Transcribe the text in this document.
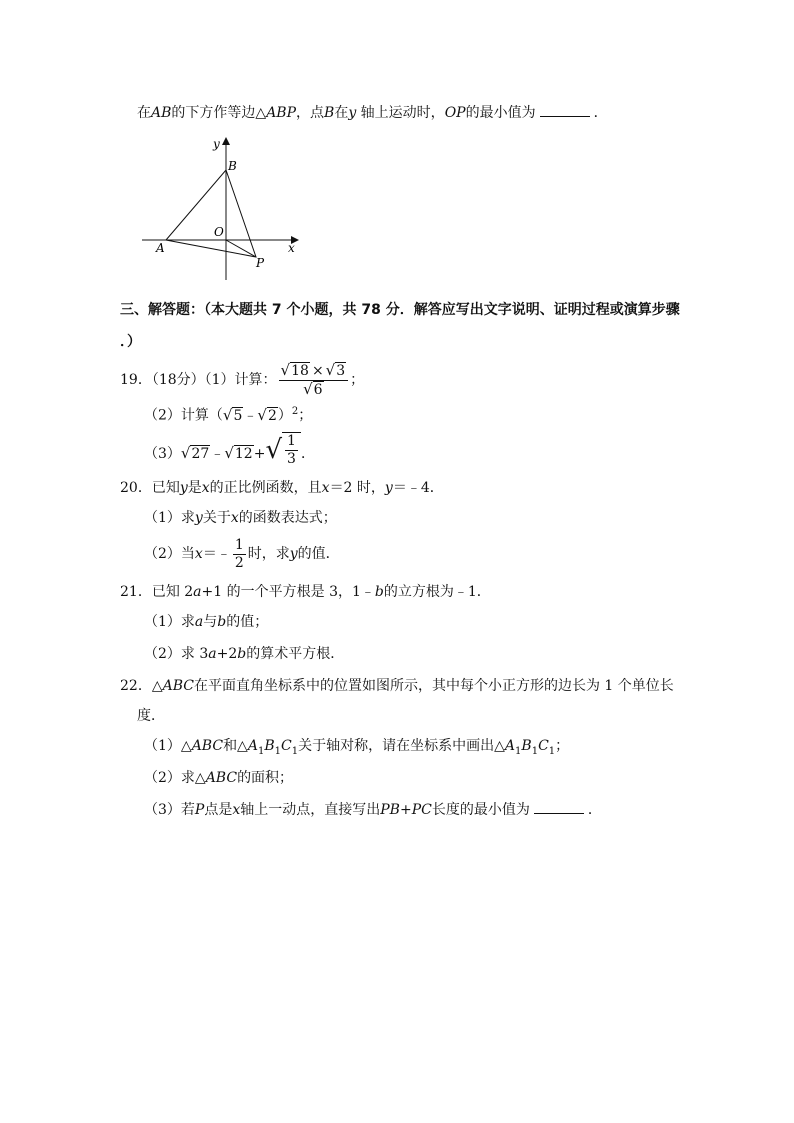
在AB的下方作等边△ABP，点B在y 轴上运动时，OP的最小值为	．
y
B
O
A	x
P
三、解答题：（本大题共 7 个小题，共 78 分．解答应写出文字说明、证明过程或演算步骤
．）
19．（18分）（1）计算： $\frac{√ 18 \times √ 3}{√ 6}$ ；
（2）计算（ √ 5 ﹣ √ 2 ）$^2$；
（3） √ 27 ﹣ √ 12 + √ $\frac{1}{3}$ ．
20．已知y是x的正比例函数，且x＝2 时，y＝﹣4．
（1）求y关于x的函数表达式；
（2）当x＝﹣ $\frac{1}{2}$ 时，求y的值．
21．已知 2a+1 的一个平方根是 3，1﹣b的立方根为﹣1．
（1）求a与b的值；
（2）求 3a+2b的算术平方根．
22．△ABC在平面直角坐标系中的位置如图所示，其中每个小正方形的边长为 1 个单位长
度．
（1）△ABC和$\triangle A_1B_1C_1$关于轴对称，请在坐标系中画出$\triangle A_1B_1C_1$；
（2）求△ABC的面积；
（3）若P点是x轴上一动点，直接写出PB+PC长度的最小值为	．
